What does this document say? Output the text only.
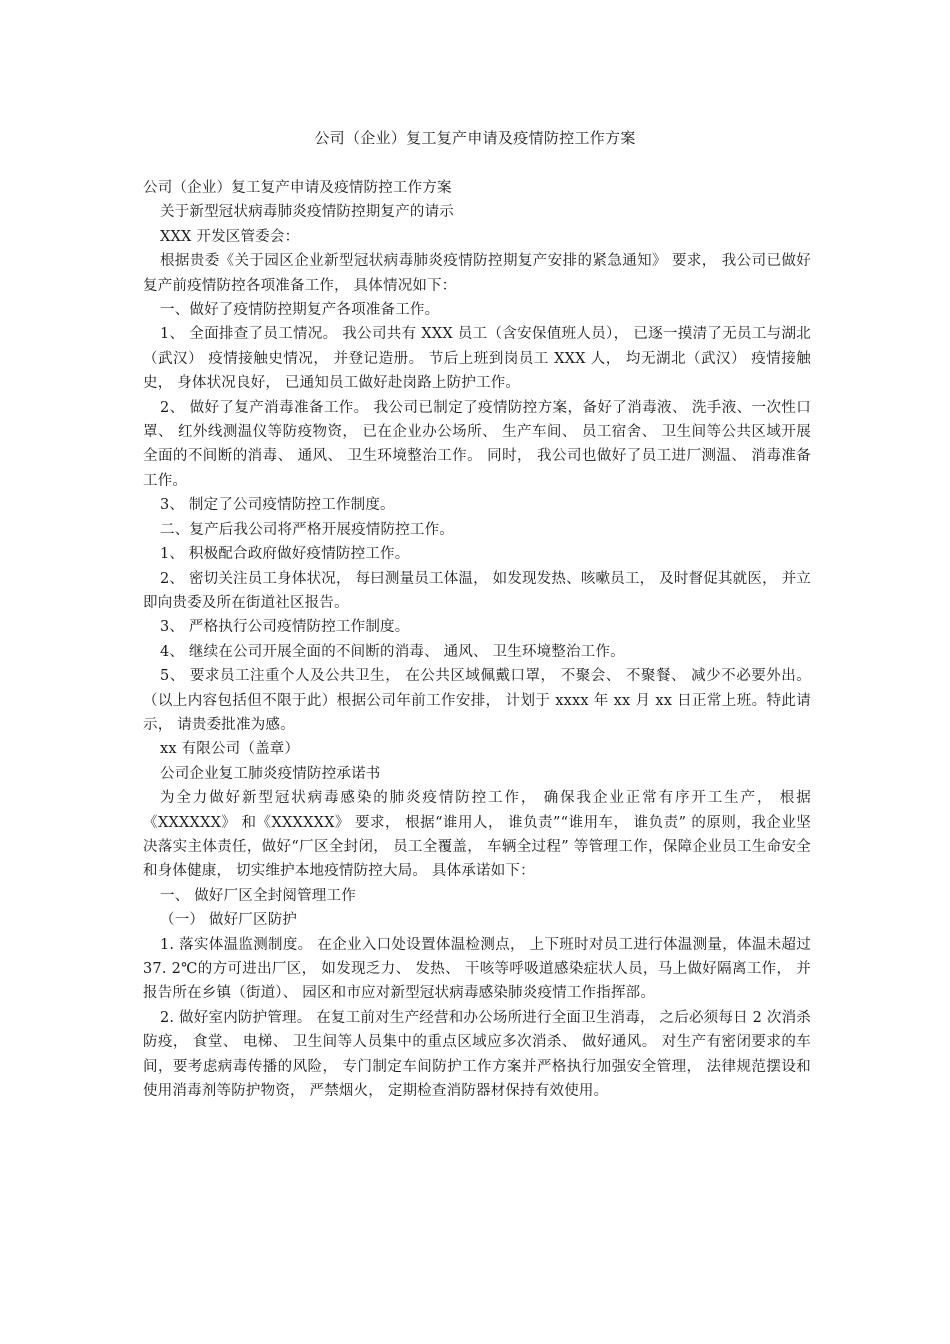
公司（企业）复工复产申请及疫情防控工作方案

公司（企业）复工复产申请及疫情防控工作方案

关于新型冠状病毒肺炎疫情防控期复产的请示

XXX 开发区管委会：

根据贵委《关于园区企业新型冠状病毒肺炎疫情防控期复产安排的紧急通知》 要求， 我公司已做好复产前疫情防控各项准备工作， 具体情况如下：

一、做好了疫情防控期复产各项准备工作。

1、 全面排查了员工情况。 我公司共有 XXX 员工（含安保值班人员）， 已逐一摸清了无员工与湖北（武汉） 疫情接触史情况， 并登记造册。 节后上班到岗员工 XXX 人， 均无湖北（武汉） 疫情接触史， 身体状况良好， 已通知员工做好赴岗路上防护工作。

2、 做好了复产消毒准备工作。 我公司已制定了疫情防控方案，备好了消毒液、 洗手液、一次性口罩、 红外线测温仪等防疫物资， 已在企业办公场所、 生产车间、 员工宿舍、 卫生间等公共区域开展全面的不间断的消毒、 通风、 卫生环境整治工作。 同时， 我公司也做好了员工进厂测温、 消毒准备工作。

3、 制定了公司疫情防控工作制度。

二、复产后我公司将严格开展疫情防控工作。

1、 积极配合政府做好疫情防控工作。

2、 密切关注员工身体状况， 每曰测量员工体温， 如发现发热、咳嗽员工， 及时督促其就医， 并立即向贵委及所在街道社区报告。

3、 严格执行公司疫情防控工作制度。

4、 继续在公司开展全面的不间断的消毒、 通风、 卫生环境整治工作。

5、 要求员工注重个人及公共卫生， 在公共区域佩戴口罩， 不聚会、 不聚餐、 减少不必要外出。（以上内容包括但不限于此）根据公司年前工作安排， 计划于 xxxx 年 xx 月 xx 日正常上班。特此请示， 请贵委批准为感。

xx 有限公司（盖章）

公司企业复工肺炎疫情防控承诺书

为全力做好新型冠状病毒感染的肺炎疫情防控工作， 确保我企业正常有序开工生产， 根据《XXXXXX》 和《XXXXXX》 要求， 根据“谁用人， 谁负责”“谁用车， 谁负责” 的原则，我企业坚决落实主体责任，做好“厂区全封闭， 员工全覆盖， 车辆全过程” 等管理工作，保障企业员工生命安全和身体健康， 切实维护本地疫情防控大局。 具体承诺如下：

一、 做好厂区全封阅管理工作

（一） 做好厂区防护

1. 落实体温监测制度。 在企业入口处设置体温检测点， 上下班时对员工进行体温测量，体温未超过 37. 2℃的方可进出厂区， 如发现乏力、 发热、 干咳等呼吸道感染症状人员，马上做好隔离工作， 并报告所在乡镇（街道）、 园区和市应对新型冠状病毒感染肺炎疫情工作指挥部。

2. 做好室内防护管理。 在复工前对生产经营和办公场所进行全面卫生消毒， 之后必须每日 2 次消杀防疫， 食堂、 电梯、 卫生间等人员集中的重点区域应多次消杀、 做好通风。 对生产有密闭要求的车间，要考虑病毒传播的风险， 专门制定车间防护工作方案并严格执行加强安全管理， 法律规范摆设和使用消毒剂等防护物资， 严禁烟火， 定期检查消防器材保持有效使用。
